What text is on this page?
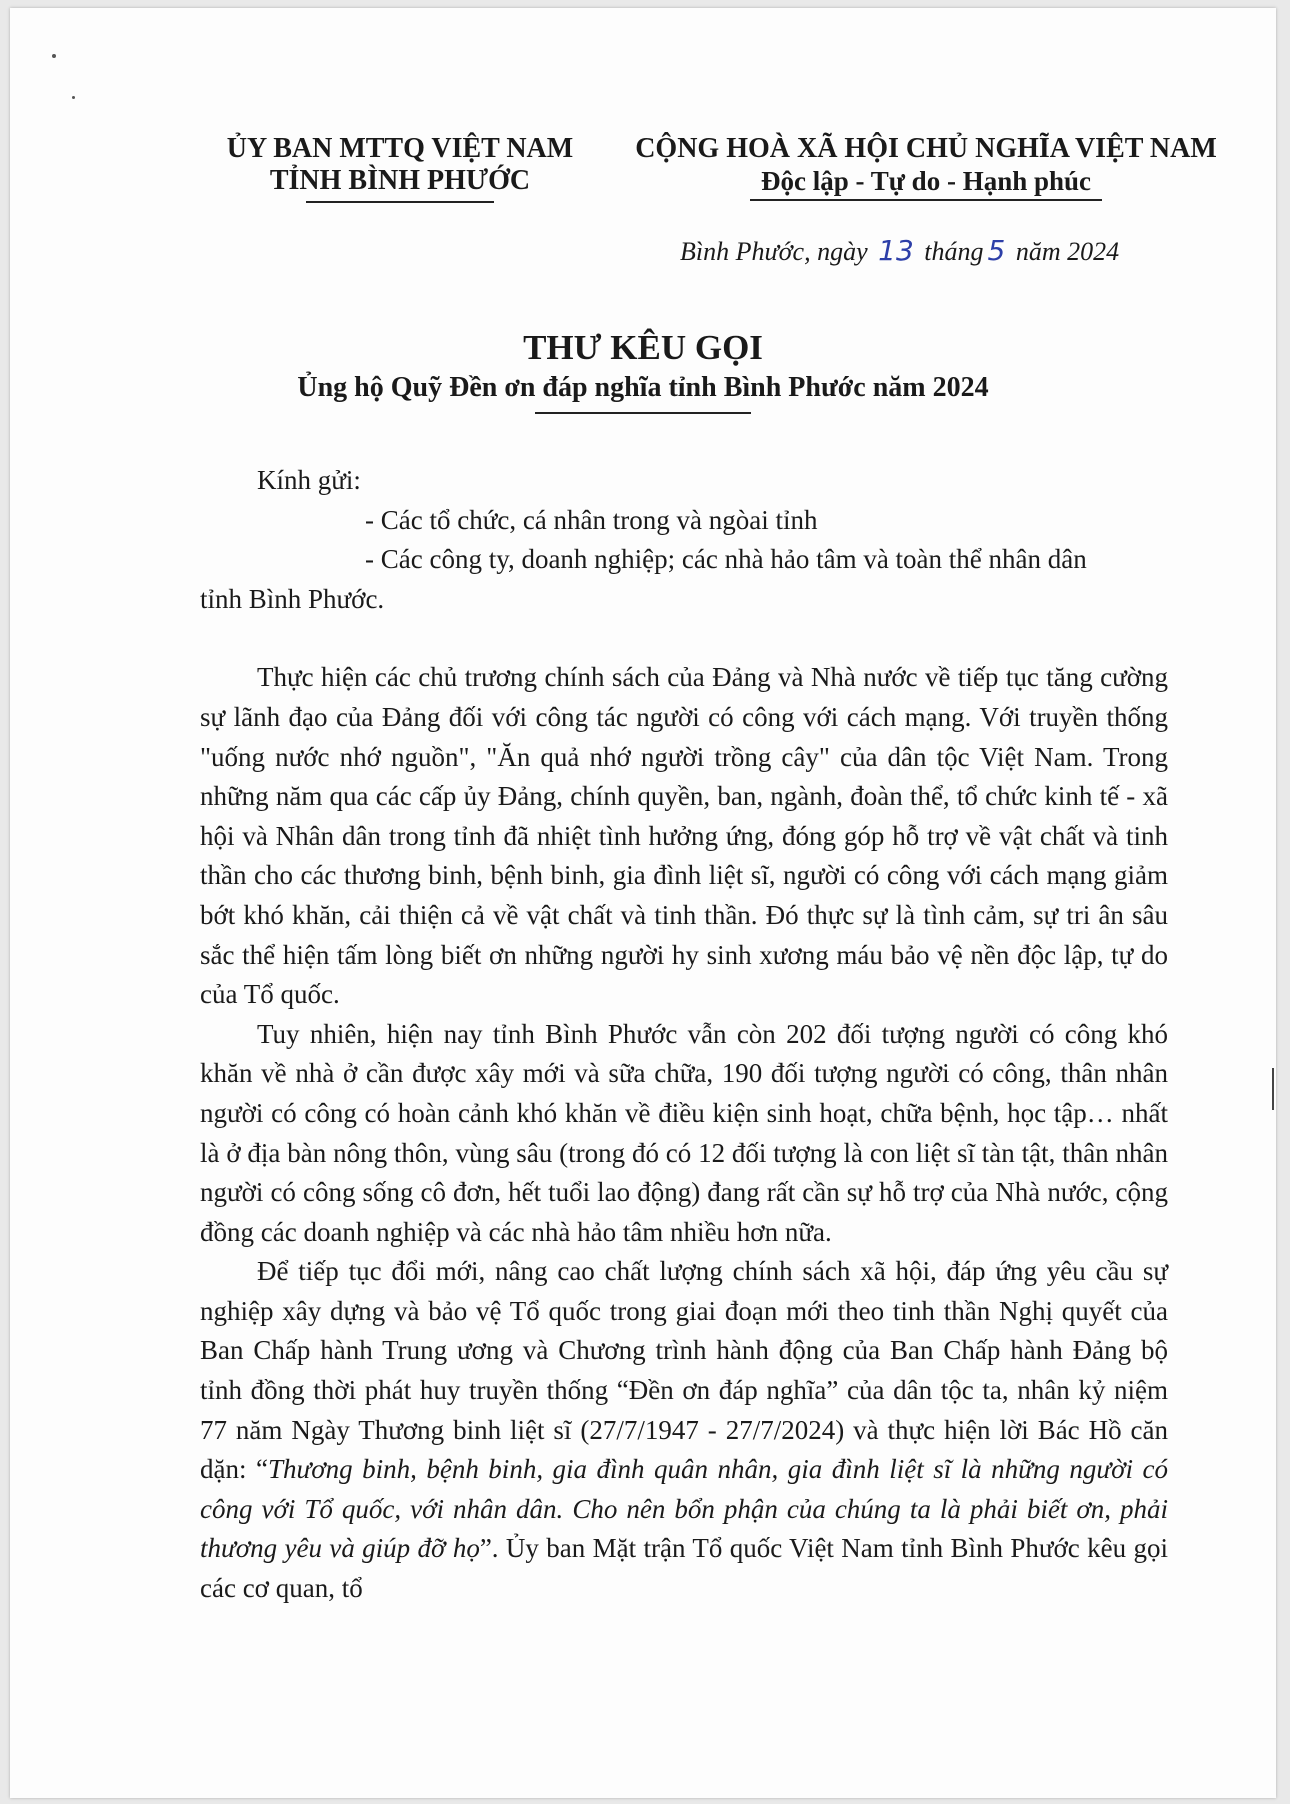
ỦY BAN MTTQ VIỆT NAM
TỈNH BÌNH PHƯỚC
CỘNG HOÀ XÃ HỘI CHỦ NGHĨA VIỆT NAM
Độc lập - Tự do - Hạnh phúc
Bình Phước, ngày 13 tháng 5 năm 2024
THƯ KÊU GỌI
Ủng hộ Quỹ Đền ơn đáp nghĩa tỉnh Bình Phước năm 2024

Kính gửi:

- Các tổ chức, cá nhân trong và ngòai tỉnh

- Các công ty, doanh nghiệp; các nhà hảo tâm và toàn thể nhân dân

tỉnh Bình Phước.

Thực hiện các chủ trương chính sách của Đảng và Nhà nước về tiếp tục tăng cường sự lãnh đạo của Đảng đối với công tác người có công với cách mạng. Với truyền thống "uống nước nhớ nguồn", "Ăn quả nhớ người trồng cây" của dân tộc Việt Nam. Trong những năm qua các cấp ủy Đảng, chính quyền, ban, ngành, đoàn thể, tổ chức kinh tế - xã hội và Nhân dân trong tỉnh đã nhiệt tình hưởng ứng, đóng góp hỗ trợ về vật chất và tinh thần cho các thương binh, bệnh binh, gia đình liệt sĩ, người có công với cách mạng giảm bớt khó khăn, cải thiện cả về vật chất và tinh thần. Đó thực sự là tình cảm, sự tri ân sâu sắc thể hiện tấm lòng biết ơn những người hy sinh xương máu bảo vệ nền độc lập, tự do của Tổ quốc.

Tuy nhiên, hiện nay tỉnh Bình Phước vẫn còn 202 đối tượng người có công khó khăn về nhà ở cần được xây mới và sữa chữa, 190 đối tượng người có công, thân nhân người có công có hoàn cảnh khó khăn về điều kiện sinh hoạt, chữa bệnh, học tập… nhất là ở địa bàn nông thôn, vùng sâu (trong đó có 12 đối tượng là con liệt sĩ tàn tật, thân nhân người có công sống cô đơn, hết tuổi lao động) đang rất cần sự hỗ trợ của Nhà nước, cộng đồng các doanh nghiệp và các nhà hảo tâm nhiều hơn nữa.

Để tiếp tục đổi mới, nâng cao chất lượng chính sách xã hội, đáp ứng yêu cầu sự nghiệp xây dựng và bảo vệ Tổ quốc trong giai đoạn mới theo tinh thần Nghị quyết của Ban Chấp hành Trung ương và Chương trình hành động của Ban Chấp hành Đảng bộ tỉnh đồng thời phát huy truyền thống “Đền ơn đáp nghĩa” của dân tộc ta, nhân kỷ niệm 77 năm Ngày Thương binh liệt sĩ (27/7/1947 - 27/7/2024) và thực hiện lời Bác Hồ căn dặn: “Thương binh, bệnh binh, gia đình quân nhân, gia đình liệt sĩ là những người có công với Tổ quốc, với nhân dân. Cho nên bổn phận của chúng ta là phải biết ơn, phải thương yêu và giúp đỡ họ”. Ủy ban Mặt trận Tổ quốc Việt Nam tỉnh Bình Phước kêu gọi các cơ quan, tổ
